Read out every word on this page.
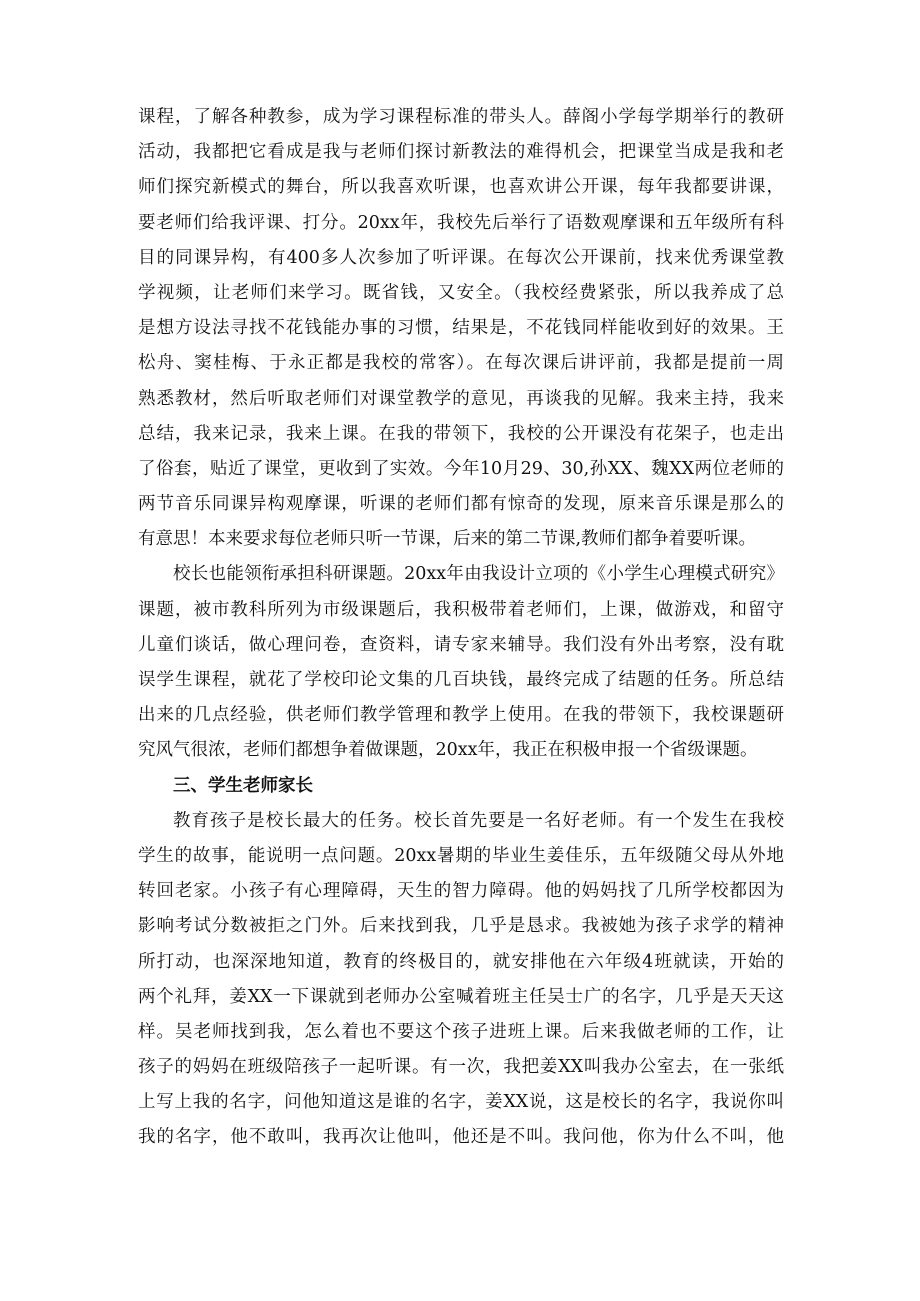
课程，了解各种教参，成为学习课程标准的带头人。薛阁小学每学期举行的教研
活动，我都把它看成是我与老师们探讨新教法的难得机会，把课堂当成是我和老
师们探究新模式的舞台，所以我喜欢听课，也喜欢讲公开课，每年我都要讲课，
要老师们给我评课、打分。20xx年，我校先后举行了语数观摩课和五年级所有科
目的同课异构，有400多人次参加了听评课。在每次公开课前，找来优秀课堂教
学视频，让老师们来学习。既省钱，又安全。（我校经费紧张，所以我养成了总
是想方设法寻找不花钱能办事的习惯，结果是，不花钱同样能收到好的效果。王
松舟、窦桂梅、于永正都是我校的常客）。在每次课后讲评前，我都是提前一周
熟悉教材，然后听取老师们对课堂教学的意见，再谈我的见解。我来主持，我来
总结，我来记录，我来上课。在我的带领下，我校的公开课没有花架子，也走出
了俗套，贴近了课堂，更收到了实效。今年10月29、30,孙XX、魏XX两位老师的
两节音乐同课异构观摩课，听课的老师们都有惊奇的发现，原来音乐课是那么的
有意思！本来要求每位老师只听一节课，后来的第二节课,教师们都争着要听课。
校长也能领衔承担科研课题。20xx年由我设计立项的《小学生心理模式研究》
课题，被市教科所列为市级课题后，我积极带着老师们，上课，做游戏，和留守
儿童们谈话，做心理问卷，查资料，请专家来辅导。我们没有外出考察，没有耽
误学生课程，就花了学校印论文集的几百块钱，最终完成了结题的任务。所总结
出来的几点经验，供老师们教学管理和教学上使用。在我的带领下，我校课题研
究风气很浓，老师们都想争着做课题，20xx年，我正在积极申报一个省级课题。
三、学生老师家长
教育孩子是校长最大的任务。校长首先要是一名好老师。有一个发生在我校
学生的故事，能说明一点问题。20xx暑期的毕业生姜佳乐，五年级随父母从外地
转回老家。小孩子有心理障碍，天生的智力障碍。他的妈妈找了几所学校都因为
影响考试分数被拒之门外。后来找到我，几乎是恳求。我被她为孩子求学的精神
所打动，也深深地知道，教育的终极目的，就安排他在六年级4班就读，开始的
两个礼拜，姜XX一下课就到老师办公室喊着班主任吴士广的名字，几乎是天天这
样。吴老师找到我，怎么着也不要这个孩子进班上课。后来我做老师的工作，让
孩子的妈妈在班级陪孩子一起听课。有一次，我把姜XX叫我办公室去，在一张纸
上写上我的名字，问他知道这是谁的名字，姜XX说，这是校长的名字，我说你叫
我的名字，他不敢叫，我再次让他叫，他还是不叫。我问他，你为什么不叫，他
